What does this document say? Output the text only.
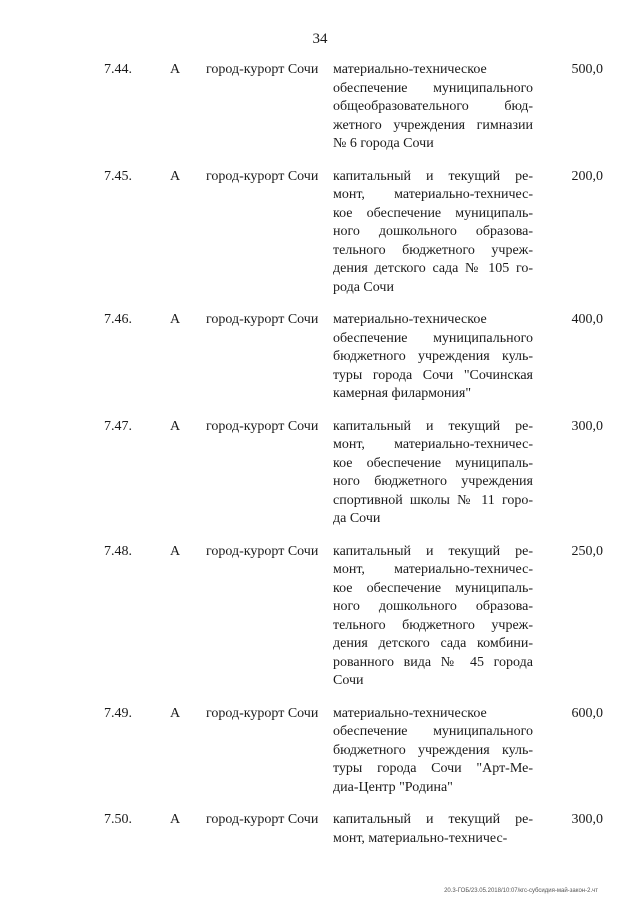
34
7.44.	А город-курорт Сочи	500,0
материально-техническое
обеспечение муниципального
общеобразовательного бюд-
жетного учреждения гимназии
№ 6 города Сочи
7.45.	А город-курорт Сочи	200,0
капитальный и текущий ре-
монт, материально-техничес-
кое обеспечение муниципаль-
ного дошкольного образова-
тельного бюджетного учреж-
дения детского сада № 105 го-
рода Сочи
7.46.	А город-курорт Сочи	400,0
материально-техническое
обеспечение муниципального
бюджетного учреждения куль-
туры города Сочи "Сочинская
камерная филармония"
7.47.	А город-курорт Сочи	300,0
капитальный и текущий ре-
монт, материально-техничес-
кое обеспечение муниципаль-
ного бюджетного учреждения
спортивной школы № 11 горо-
да Сочи
7.48.	А город-курорт Сочи	250,0
капитальный и текущий ре-
монт, материально-техничес-
кое обеспечение муниципаль-
ного дошкольного образова-
тельного бюджетного учреж-
дения детского сада комбини-
рованного вида № 45 города
Сочи
7.49.	А город-курорт Сочи	600,0
материально-техническое
обеспечение муниципального
бюджетного учреждения куль-
туры города Сочи "Арт-Ме-
диа-Центр "Родина"
7.50.	А город-курорт Сочи	300,0
капитальный и текущий ре-
монт, материально-техничес-
20.3-ГОБ/23.05.2018/10:07/кгс-субсидия-май-закон-2.чт
